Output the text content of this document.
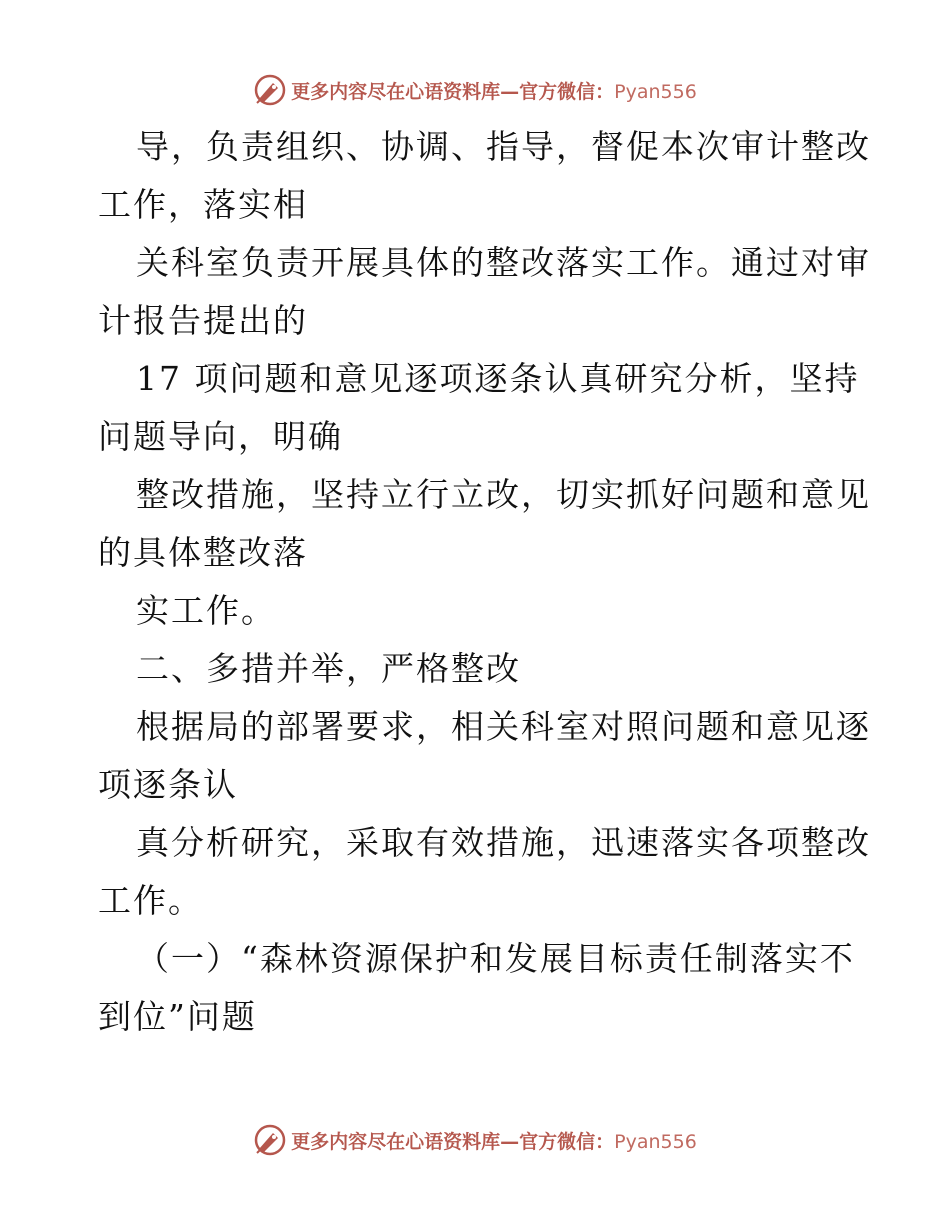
更多内容尽在心语资料库—官方微信：Pyan556
导，负责组织、协调、指导，督促本次审计整改
工作，落实相
关科室负责开展具体的整改落实工作。通过对审
计报告提出的
17 项问题和意见逐项逐条认真研究分析，坚持
问题导向，明确
整改措施，坚持立行立改，切实抓好问题和意见
的具体整改落
实工作。
二、多措并举，严格整改
根据局的部署要求，相关科室对照问题和意见逐
项逐条认
真分析研究，采取有效措施，迅速落实各项整改
工作。
（一）“森林资源保护和发展目标责任制落实不
到位”问题
更多内容尽在心语资料库—官方微信：Pyan556
